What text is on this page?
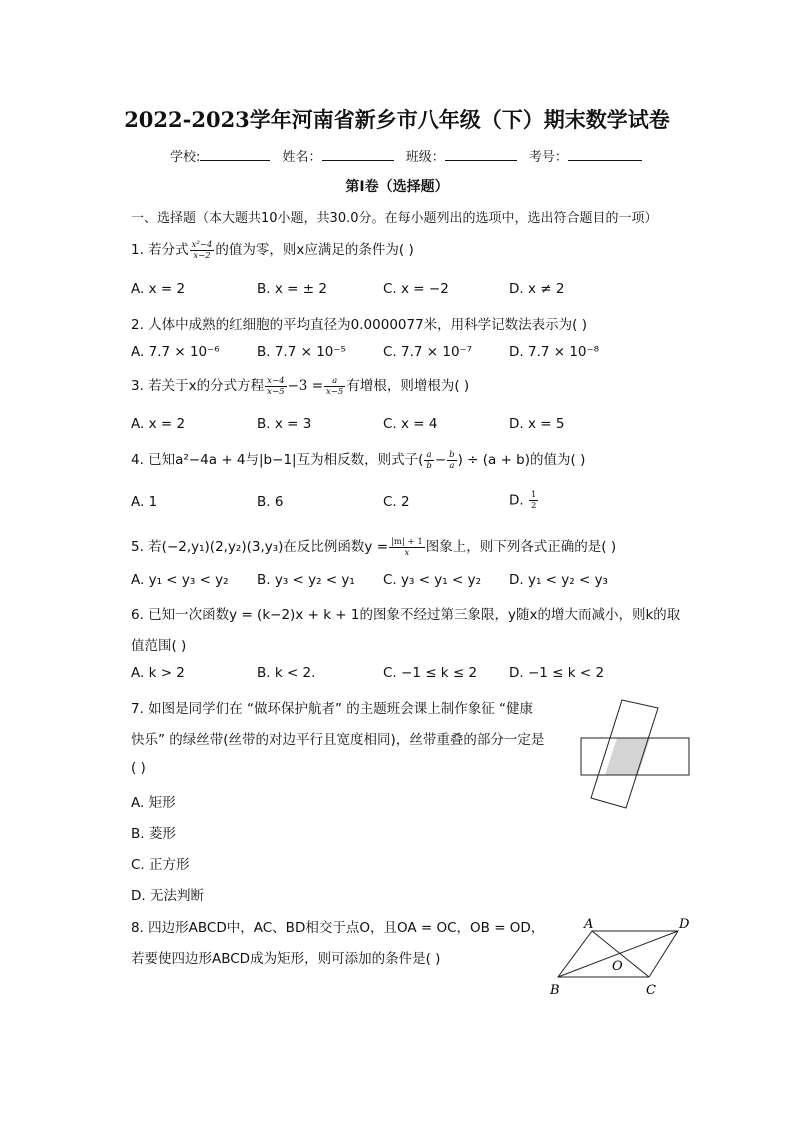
2022-2023学年河南省新乡市八年级（下）期末数学试卷
学校:	姓名：	班级：	考号：
第I卷（选择题）
一、选择题（本大题共10小题，共30.0分。在每小题列出的选项中，选出符合题目的一项）
1. 若分式 $\frac{\text{x²−4}}{x-2}$ 的值为零，则x应满足的条件为( )
A. x = 2	B. x = ± 2	C. x = −2	D. x ≠ 2
2. 人体中成熟的红细胞的平均直径为0.0000077米，用科学记数法表示为( )
A. 7.7 × 10⁻⁶	B. 7.7 × 10⁻⁵	C. 7.7 × 10⁻⁷	D. 7.7 × 10⁻⁸
3. 若关于x的分式方程 $\frac{x-4}{x-5} -3 = \frac{a}{x-5}$ 有增根，则增根为( )
A. x = 2	B. x = 3	C. x = 4	D. x = 5
4. 已知a²−4a + 4与|b−1|互为相反数，则式子( $\frac{a}{b} - \frac{b}{a}$ ) ÷ (a + b)的值为( )
A. 1	B. 6	C. 2	D. $\frac{1}{2}$
5. 若(−2,y₁)(2,y₂)(3,y₃)在反比例函数$y = \frac{|m| + 1}{x}$ 图象上，则下列各式正确的是( )
A. y₁ < y₃ < y₂ B. y₃ < y₂ < y₁ C. y₃ < y₁ < y₂ D. y₁ < y₂ < y₃
6. 已知一次函数y = (k−2)x + k + 1的图象不经过第三象限，y随x的增大而减小，则k的取
值范围( )
A. k > 2	B. k < 2.	C. −1 ≤ k ≤ 2 D. −1 ≤ k < 2
7. 如图是同学们在 “做环保护航者” 的主题班会课上制作象征 “健康
快乐” 的绿丝带(丝带的对边平行且宽度相同)，丝带重叠的部分一定是
( )
A. 矩形
B. 菱形
C. 正方形
D. 无法判断
8. 四边形ABCD中，AC、BD相交于点O，且OA = OC，OB = OD，
若要使四边形ABCD成为矩形，则可添加的条件是( )
A	D
O
B	C
